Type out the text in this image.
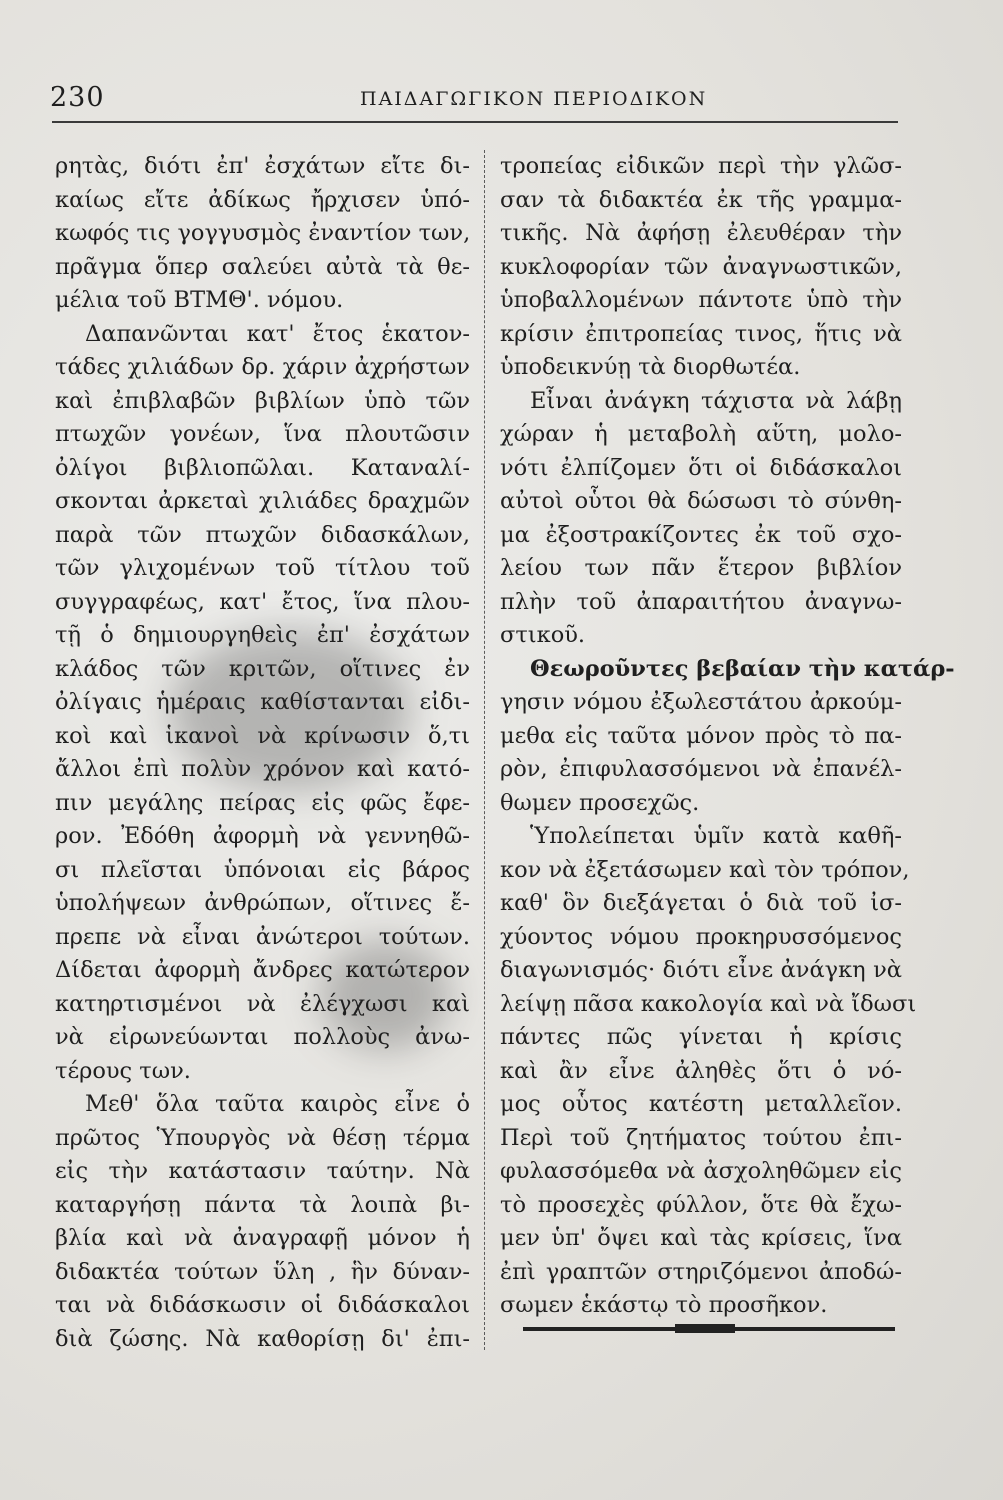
230	ΠΑΙΔΑΓΩΓΙΚΟΝ ΠΕΡΙΟΔΙΚΟΝ
ρητὰς, διότι ἐπ' ἐσχάτων εἴτε δι-
καίως εἴτε ἀδίκως ἤρχισεν ὑπό-
κωφός τις γογγυσμὸς ἐναντίον των,
πρᾶγμα ὅπερ σαλεύει αὐτὰ τὰ θε-
μέλια τοῦ ΒΤΜΘ'. νόμου.
Δαπανῶνται κατ' ἔτος ἑκατον-
τάδες χιλιάδων δρ. χάριν ἀχρήστων
καὶ ἐπιβλαβῶν βιβλίων ὑπὸ τῶν
πτωχῶν γονέων, ἵνα πλουτῶσιν
ὀλίγοι βιβλιοπῶλαι. Καταναλί-
σκονται ἀρκεταὶ χιλιάδες δραχμῶν
παρὰ τῶν πτωχῶν διδασκάλων,
τῶν γλιχομένων τοῦ τίτλου τοῦ
συγγραφέως, κατ' ἔτος, ἵνα πλου-
τῇ ὁ δημιουργηθεὶς ἐπ' ἐσχάτων
κλάδος τῶν κριτῶν, οἵτινες ἐν
ὀλίγαις ἡμέραις καθίστανται εἰδι-
κοὶ καὶ ἱκανοὶ νὰ κρίνωσιν ὅ,τι
ἄλλοι ἐπὶ πολὺν χρόνον καὶ κατό-
πιν μεγάλης πείρας εἰς φῶς ἔφε-
ρον. Ἐδόθη ἀφορμὴ νὰ γεννηθῶ-
σι πλεῖσται ὑπόνοιαι εἰς βάρος
ὑπολήψεων ἀνθρώπων, οἵτινες ἔ-
πρεπε νὰ εἶναι ἀνώτεροι τούτων.
Δίδεται ἀφορμὴ ἄνδρες κατώτερον
κατηρτισμένοι νὰ ἐλέγχωσι καὶ
νὰ εἰρωνεύωνται πολλοὺς ἀνω-
τέρους των.
Μεθ' ὅλα ταῦτα καιρὸς εἶνε ὁ
πρῶτος Ὑπουργὸς νὰ θέσῃ τέρμα
εἰς τὴν κατάστασιν ταύτην. Νὰ
καταργήσῃ πάντα τὰ λοιπὰ βι-
βλία καὶ νὰ ἀναγραφῇ μόνον ἡ
διδακτέα τούτων ὕλη , ἣν δύναν-
ται νὰ διδάσκωσιν οἱ διδάσκαλοι
διὰ ζώσης. Νὰ καθορίσῃ δι' ἐπι-
τροπείας εἰδικῶν περὶ τὴν γλῶσ-
σαν τὰ διδακτέα ἐκ τῆς γραμμα-
τικῆς. Νὰ ἀφήσῃ ἐλευθέραν τὴν
κυκλοφορίαν τῶν ἀναγνωστικῶν,
ὑποβαλλομένων πάντοτε ὑπὸ τὴν
κρίσιν ἐπιτροπείας τινος, ἥτις νὰ
ὑποδεικνύῃ τὰ διορθωτέα.
Εἶναι ἀνάγκη τάχιστα νὰ λάβῃ
χώραν ἡ μεταβολὴ αὕτη, μολο-
νότι ἐλπίζομεν ὅτι οἱ διδάσκαλοι
αὐτοὶ οὗτοι θὰ δώσωσι τὸ σύνθη-
μα ἐξοστρακίζοντες ἐκ τοῦ σχο-
λείου των πᾶν ἕτερον βιβλίον
πλὴν τοῦ ἀπαραιτήτου ἀναγνω-
στικοῦ.
Θεωροῦντες βεβαίαν τὴν κατάρ-
γησιν νόμου ἐξωλεστάτου ἀρκούμ-
μεθα εἰς ταῦτα μόνον πρὸς τὸ πα-
ρὸν, ἐπιφυλασσόμενοι νὰ ἐπανέλ-
θωμεν προσεχῶς.
Ὑπολείπεται ὑμῖν κατὰ καθῆ-
κον νὰ ἐξετάσωμεν καὶ τὸν τρόπον,
καθ' ὃν διεξάγεται ὁ διὰ τοῦ ἰσ-
χύοντος νόμου προκηρυσσόμενος
διαγωνισμός· διότι εἶνε ἀνάγκη νὰ
λείψῃ πᾶσα κακολογία καὶ νὰ ἴδωσι
πάντες πῶς γίνεται ἡ κρίσις
καὶ ἂν εἶνε ἀληθὲς ὅτι ὁ νό-
μος οὗτος κατέστη μεταλλεῖον.
Περὶ τοῦ ζητήματος τούτου ἐπι-
φυλασσόμεθα νὰ ἀσχοληθῶμεν εἰς
τὸ προσεχὲς φύλλον, ὅτε θὰ ἔχω-
μεν ὑπ' ὄψει καὶ τὰς κρίσεις, ἵνα
ἐπὶ γραπτῶν στηριζόμενοι ἀποδώ-
σωμεν ἑκάστῳ τὸ προσῆκον.
